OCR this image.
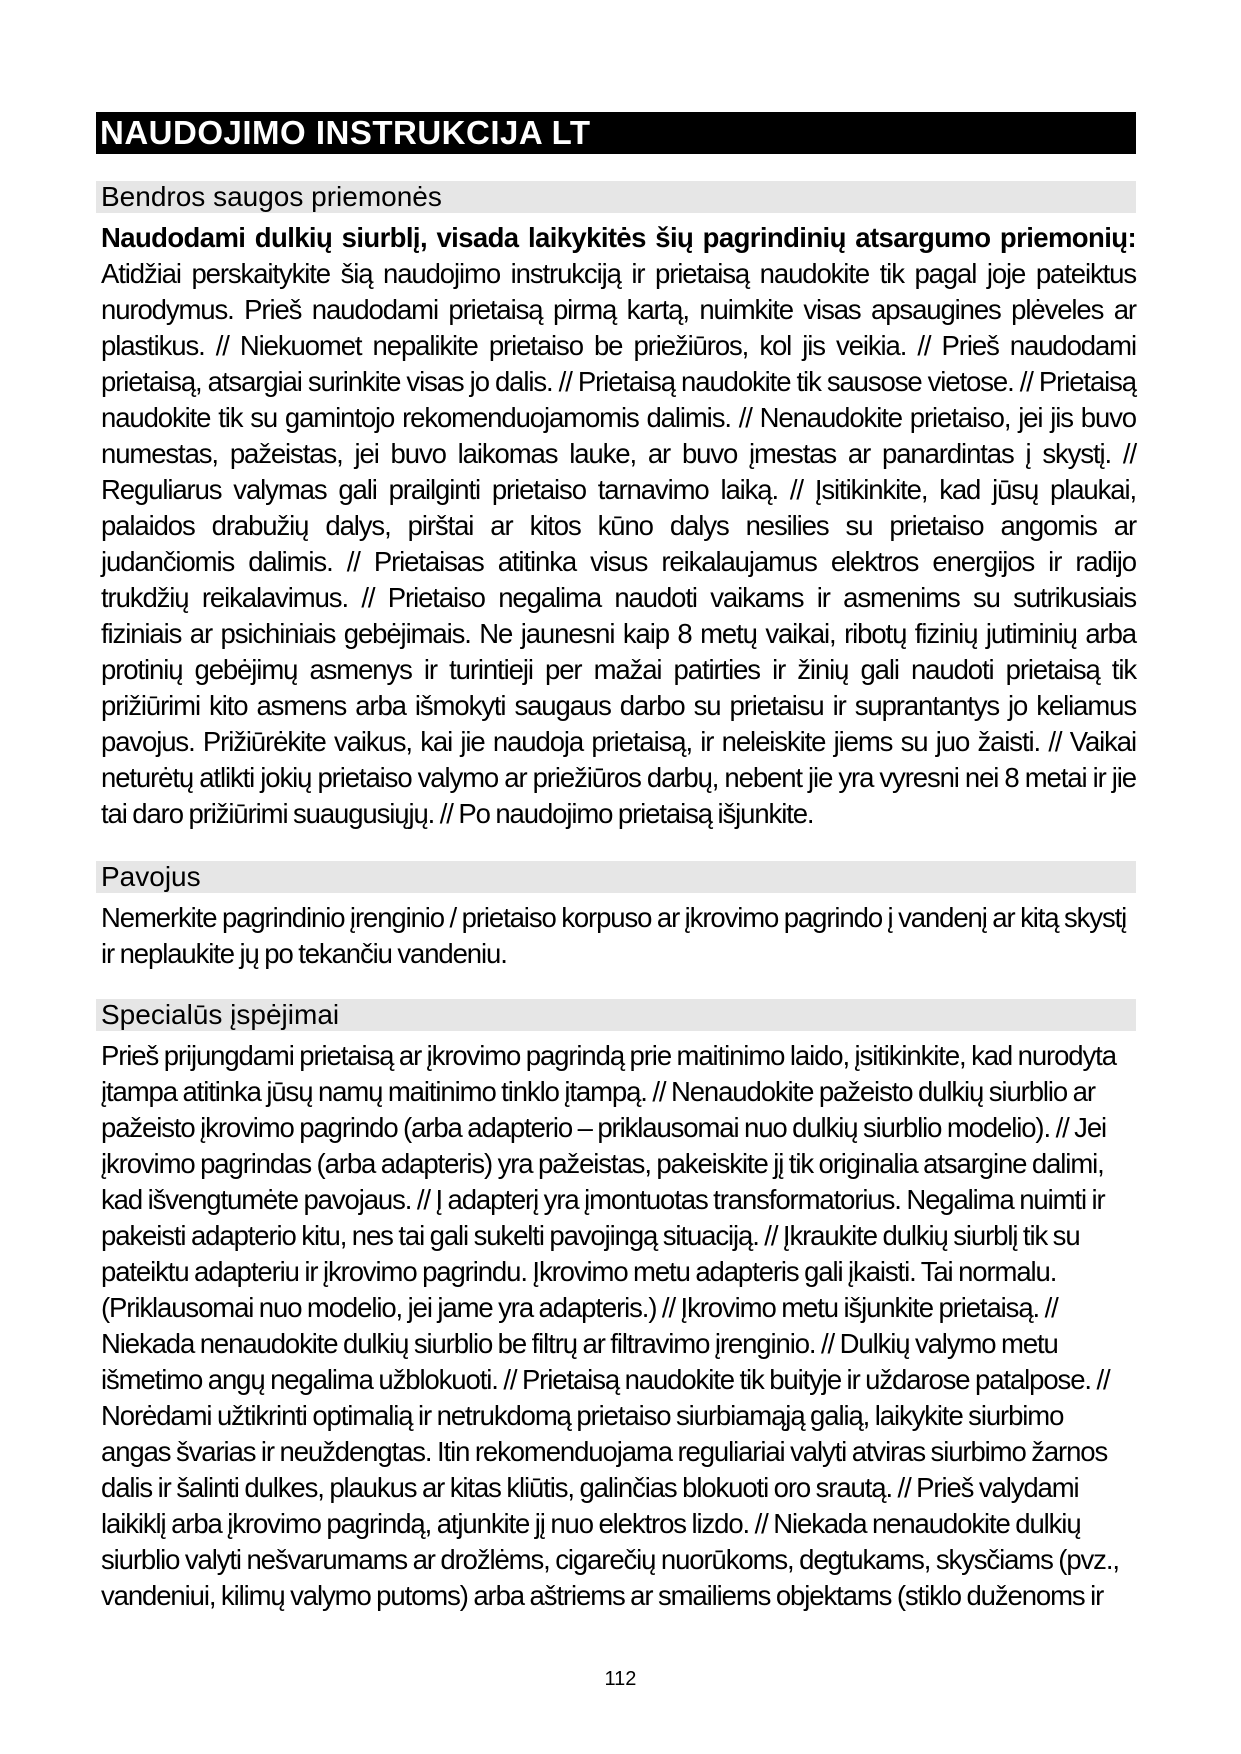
NAUDOJIMO INSTRUKCIJA LT
Bendros saugos priemonės
Naudodami dulkių siurblį, visada laikykitės šių pagrindinių atsargumo priemonių: Atidžiai perskaitykite šią naudojimo instrukciją ir prietaisą naudokite tik pagal joje pateiktus nurodymus. Prieš naudodami prietaisą pirmą kartą, nuimkite visas apsaugines plėveles ar plastikus. // Niekuomet nepalikite prietaiso be priežiūros, kol jis veikia. // Prieš naudodami prietaisą, atsargiai surinkite visas jo dalis. // Prietaisą naudokite tik sausose vietose. // Prietaisą naudokite tik su gamintojo rekomenduojamomis dalimis. // Nenaudokite prietaiso, jei jis buvo numestas, pažeistas, jei buvo laikomas lauke, ar buvo įmestas ar panardintas į skystį. // Reguliarus valymas gali prailginti prietaiso tarnavimo laiką. // Įsitikinkite, kad jūsų plaukai, palaidos drabužių dalys, pirštai ar kitos kūno dalys nesilies su prietaiso angomis ar judančiomis dalimis. // Prietaisas atitinka visus reikalaujamus elektros energijos ir radijo trukdžių reikalavimus. // Prietaiso negalima naudoti vaikams ir asmenims su sutrikusiais fiziniais ar psichiniais gebėjimais. Ne jaunesni kaip 8 metų vaikai, ribotų fizinių jutiminių arba protinių gebėjimų asmenys ir turintieji per mažai patirties ir žinių gali naudoti prietaisą tik prižiūrimi kito asmens arba išmokyti saugaus darbo su prietaisu ir suprantantys jo keliamus pavojus. Prižiūrėkite vaikus, kai jie naudoja prietaisą, ir neleiskite jiems su juo žaisti. // Vaikai neturėtų atlikti jokių prietaiso valymo ar priežiūros darbų, nebent jie yra vyresni nei 8 metai ir jie tai daro prižiūrimi suaugusiųjų. // Po naudojimo prietaisą išjunkite.
Pavojus
Nemerkite pagrindinio įrenginio / prietaiso korpuso ar įkrovimo pagrindo į vandenį ar kitą skystį ir neplaukite jų po tekančiu vandeniu.
Specialūs įspėjimai
Prieš prijungdami prietaisą ar įkrovimo pagrindą prie maitinimo laido, įsitikinkite, kad nurodyta įtampa atitinka jūsų namų maitinimo tinklo įtampą. // Nenaudokite pažeisto dulkių siurblio ar pažeisto įkrovimo pagrindo (arba adapterio – priklausomai nuo dulkių siurblio modelio). // Jei įkrovimo pagrindas (arba adapteris) yra pažeistas, pakeiskite jį tik originalia atsargine dalimi, kad išvengtumėte pavojaus. // Į adapterį yra įmontuotas transformatorius. Negalima nuimti ir pakeisti adapterio kitu, nes tai gali sukelti pavojingą situaciją. // Įkraukite dulkių siurblį tik su pateiktu adapteriu ir įkrovimo pagrindu. Įkrovimo metu adapteris gali įkaisti. Tai normalu. (Priklausomai nuo modelio, jei jame yra adapteris.) // Įkrovimo metu išjunkite prietaisą. // Niekada nenaudokite dulkių siurblio be filtrų ar filtravimo įrenginio. // Dulkių valymo metu išmetimo angų negalima užblokuoti. // Prietaisą naudokite tik buityje ir uždarose patalpose. // Norėdami užtikrinti optimalią ir netrukdomą prietaiso siurbiamąją galią, laikykite siurbimo angas švarias ir neuždengtas. Itin rekomenduojama reguliariai valyti atviras siurbimo žarnos dalis ir šalinti dulkes, plaukus ar kitas kliūtis, galinčias blokuoti oro srautą. // Prieš valydami laikiklį arba įkrovimo pagrindą, atjunkite jį nuo elektros lizdo. // Niekada nenaudokite dulkių siurblio valyti nešvarumams ar drožlėms, cigarečių nuorūkoms, degtukams, skysčiams (pvz., vandeniui, kilimų valymo putoms) arba aštriems ar smailiems objektams (stiklo duženoms ir
112
